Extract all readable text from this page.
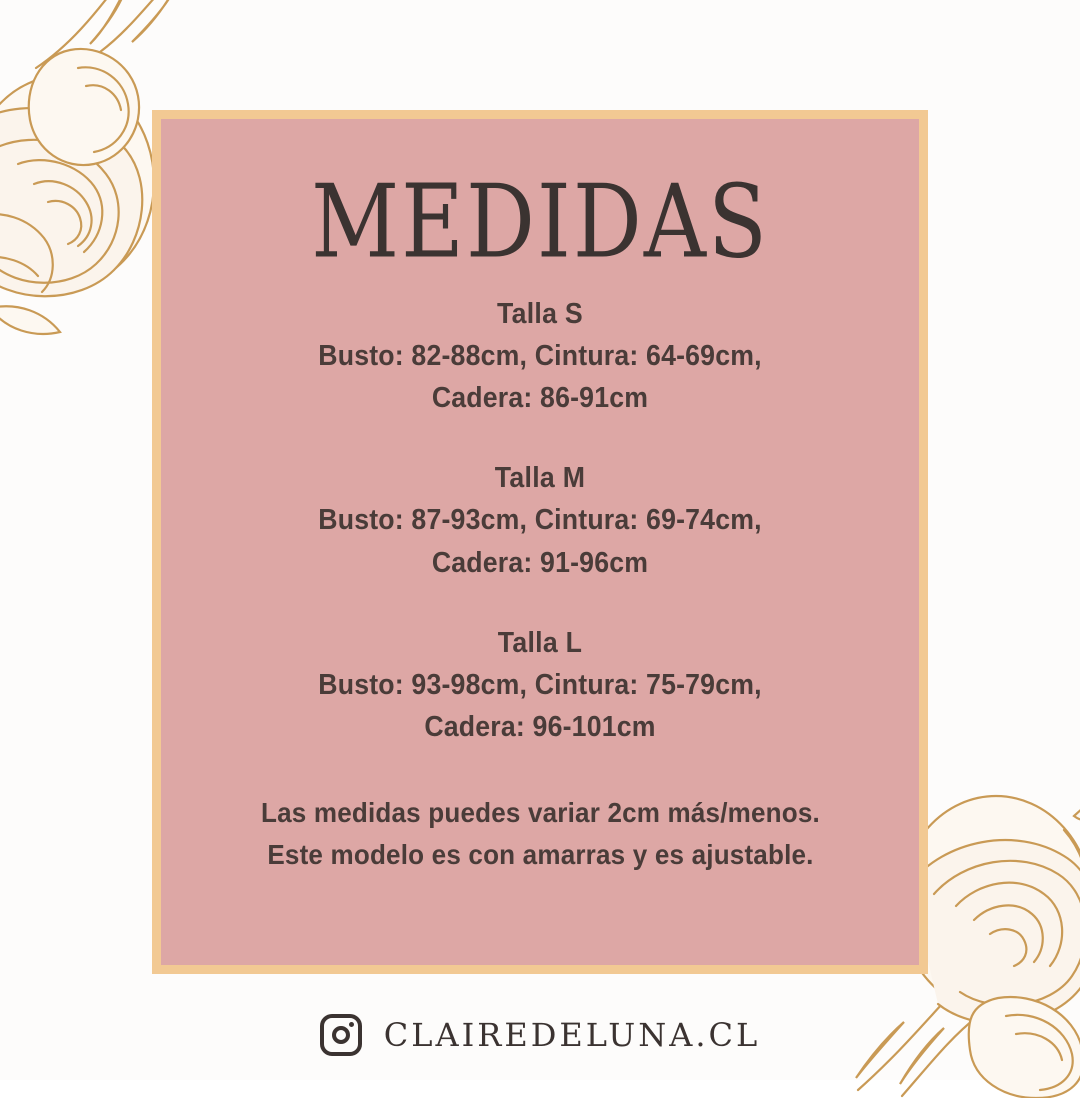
MEDIDAS
Talla S
Busto: 82-88cm, Cintura: 64-69cm,
Cadera: 86-91cm
Talla M
Busto: 87-93cm, Cintura: 69-74cm,
Cadera: 91-96cm
Talla L
Busto: 93-98cm, Cintura: 75-79cm,
Cadera: 96-101cm
Las medidas puedes variar 2cm más/menos.
Este modelo es con amarras y es ajustable.
CLAIREDELUNA.CL
